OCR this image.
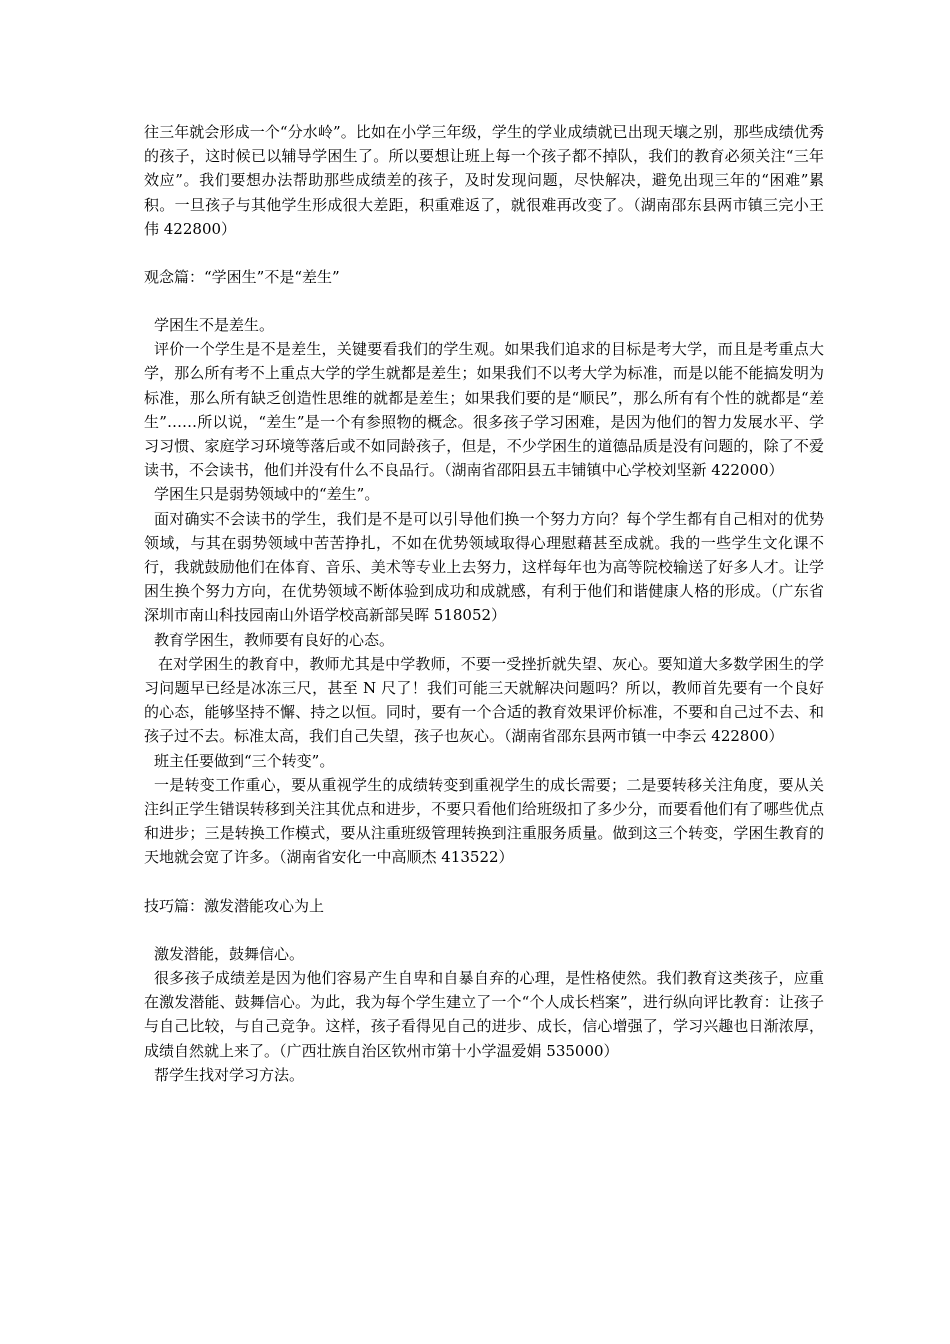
往三年就会形成一个“分水岭”。比如在小学三年级，学生的学业成绩就已出现天壤之别，那些成绩优秀的孩子，这时候已以辅导学困生了。所以要想让班上每一个孩子都不掉队，我们的教育必须关注“三年效应”。我们要想办法帮助那些成绩差的孩子，及时发现问题，尽快解决，避免出现三年的“困难”累积。一旦孩子与其他学生形成很大差距，积重难返了，就很难再改变了。（湖南邵东县两市镇三完小王伟 422800）

观念篇：“学困生”不是“差生”

学困生不是差生。

评价一个学生是不是差生，关键要看我们的学生观。如果我们追求的目标是考大学，而且是考重点大学，那么所有考不上重点大学的学生就都是差生；如果我们不以考大学为标准，而是以能不能搞发明为标准，那么所有缺乏创造性思维的就都是差生；如果我们要的是“顺民”，那么所有有个性的就都是“差生”……所以说，“差生”是一个有参照物的概念。很多孩子学习困难，是因为他们的智力发展水平、学习习惯、家庭学习环境等落后或不如同龄孩子，但是，不少学困生的道德品质是没有问题的，除了不爱读书，不会读书，他们并没有什么不良品行。（湖南省邵阳县五丰铺镇中心学校刘坚新 422000）

学困生只是弱势领域中的“差生”。

面对确实不会读书的学生，我们是不是可以引导他们换一个努力方向？每个学生都有自己相对的优势领域，与其在弱势领域中苦苦挣扎，不如在优势领域取得心理慰藉甚至成就。我的一些学生文化课不行，我就鼓励他们在体育、音乐、美术等专业上去努力，这样每年也为高等院校输送了好多人才。让学困生换个努力方向，在优势领域不断体验到成功和成就感，有利于他们和谐健康人格的形成。（广东省深圳市南山科技园南山外语学校高新部吴晖 518052）

教育学困生，教师要有良好的心态。

在对学困生的教育中，教师尤其是中学教师，不要一受挫折就失望、灰心。要知道大多数学困生的学习问题早已经是冰冻三尺，甚至 N 尺了！我们可能三天就解决问题吗？所以，教师首先要有一个良好的心态，能够坚持不懈、持之以恒。同时，要有一个合适的教育效果评价标准，不要和自己过不去、和孩子过不去。标准太高，我们自己失望，孩子也灰心。（湖南省邵东县两市镇一中李云 422800）

班主任要做到“三个转变”。

一是转变工作重心，要从重视学生的成绩转变到重视学生的成长需要；二是要转移关注角度，要从关注纠正学生错误转移到关注其优点和进步，不要只看他们给班级扣了多少分，而要看他们有了哪些优点和进步；三是转换工作模式，要从注重班级管理转换到注重服务质量。做到这三个转变，学困生教育的天地就会宽了许多。（湖南省安化一中高顺杰 413522）

技巧篇：激发潜能攻心为上

激发潜能，鼓舞信心。

很多孩子成绩差是因为他们容易产生自卑和自暴自弃的心理，是性格使然。我们教育这类孩子，应重在激发潜能、鼓舞信心。为此，我为每个学生建立了一个“个人成长档案”，进行纵向评比教育：让孩子与自己比较，与自己竞争。这样，孩子看得见自己的进步、成长，信心增强了，学习兴趣也日渐浓厚，成绩自然就上来了。（广西壮族自治区钦州市第十小学温爱娟 535000）

帮学生找对学习方法。
